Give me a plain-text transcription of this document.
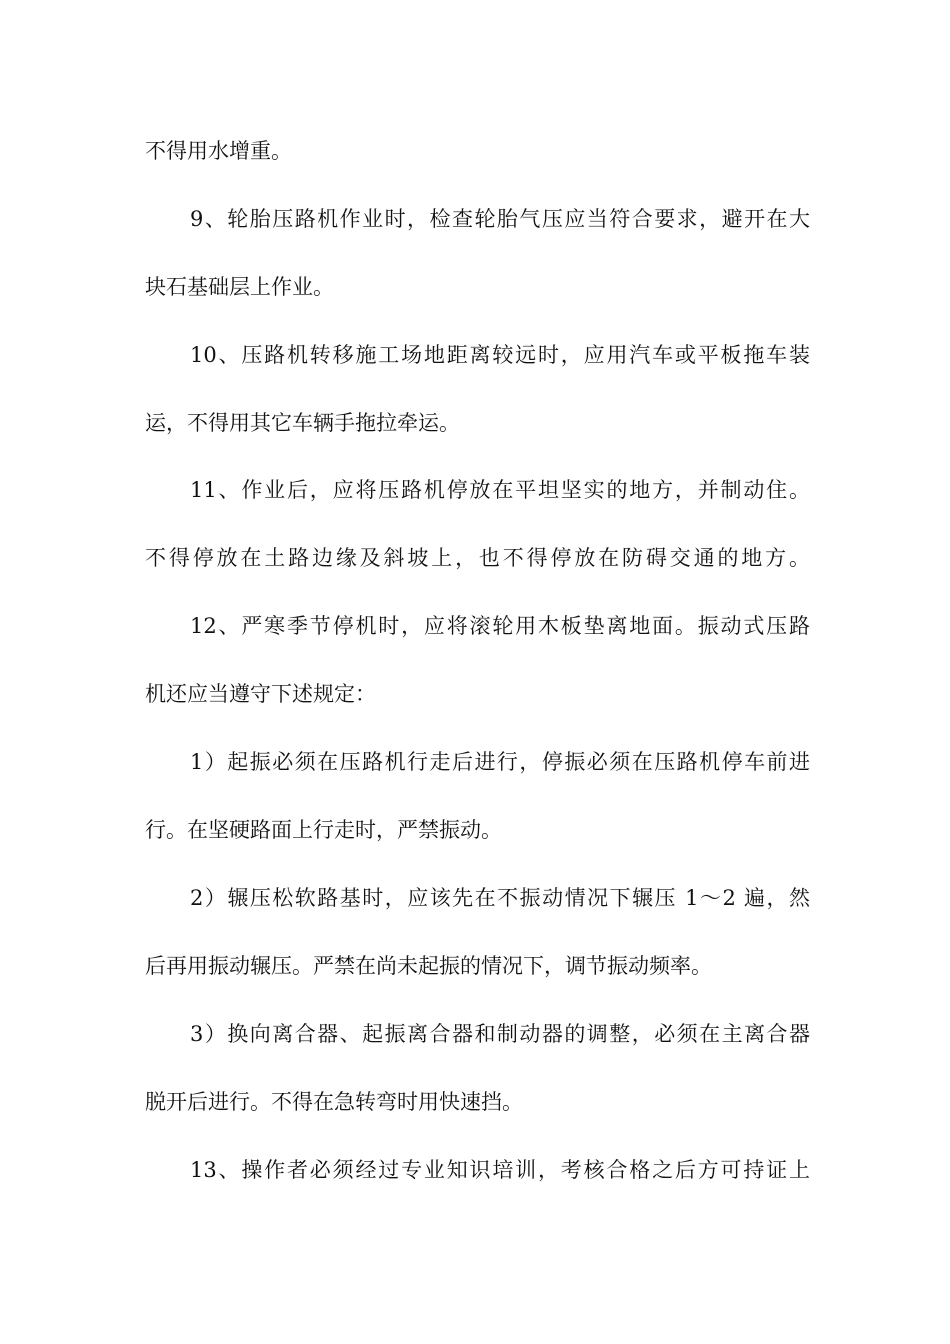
不得用水增重。
9、轮胎压路机作业时，检查轮胎气压应当符合要求，避开在大
块石基础层上作业。
10、压路机转移施工场地距离较远时，应用汽车或平板拖车装
运，不得用其它车辆手拖拉牵运。
11、作业后，应将压路机停放在平坦坚实的地方，并制动住。
不得停放在土路边缘及斜坡上，也不得停放在防碍交通的地方。
12、严寒季节停机时，应将滚轮用木板垫离地面。振动式压路
机还应当遵守下述规定：
1）起振必须在压路机行走后进行，停振必须在压路机停车前进
行。在坚硬路面上行走时，严禁振动。
2）辗压松软路基时，应该先在不振动情况下辗压 1～2 遍，然
后再用振动辗压。严禁在尚未起振的情况下，调节振动频率。
3）换向离合器、起振离合器和制动器的调整，必须在主离合器
脱开后进行。不得在急转弯时用快速挡。
13、操作者必须经过专业知识培训，考核合格之后方可持证上
